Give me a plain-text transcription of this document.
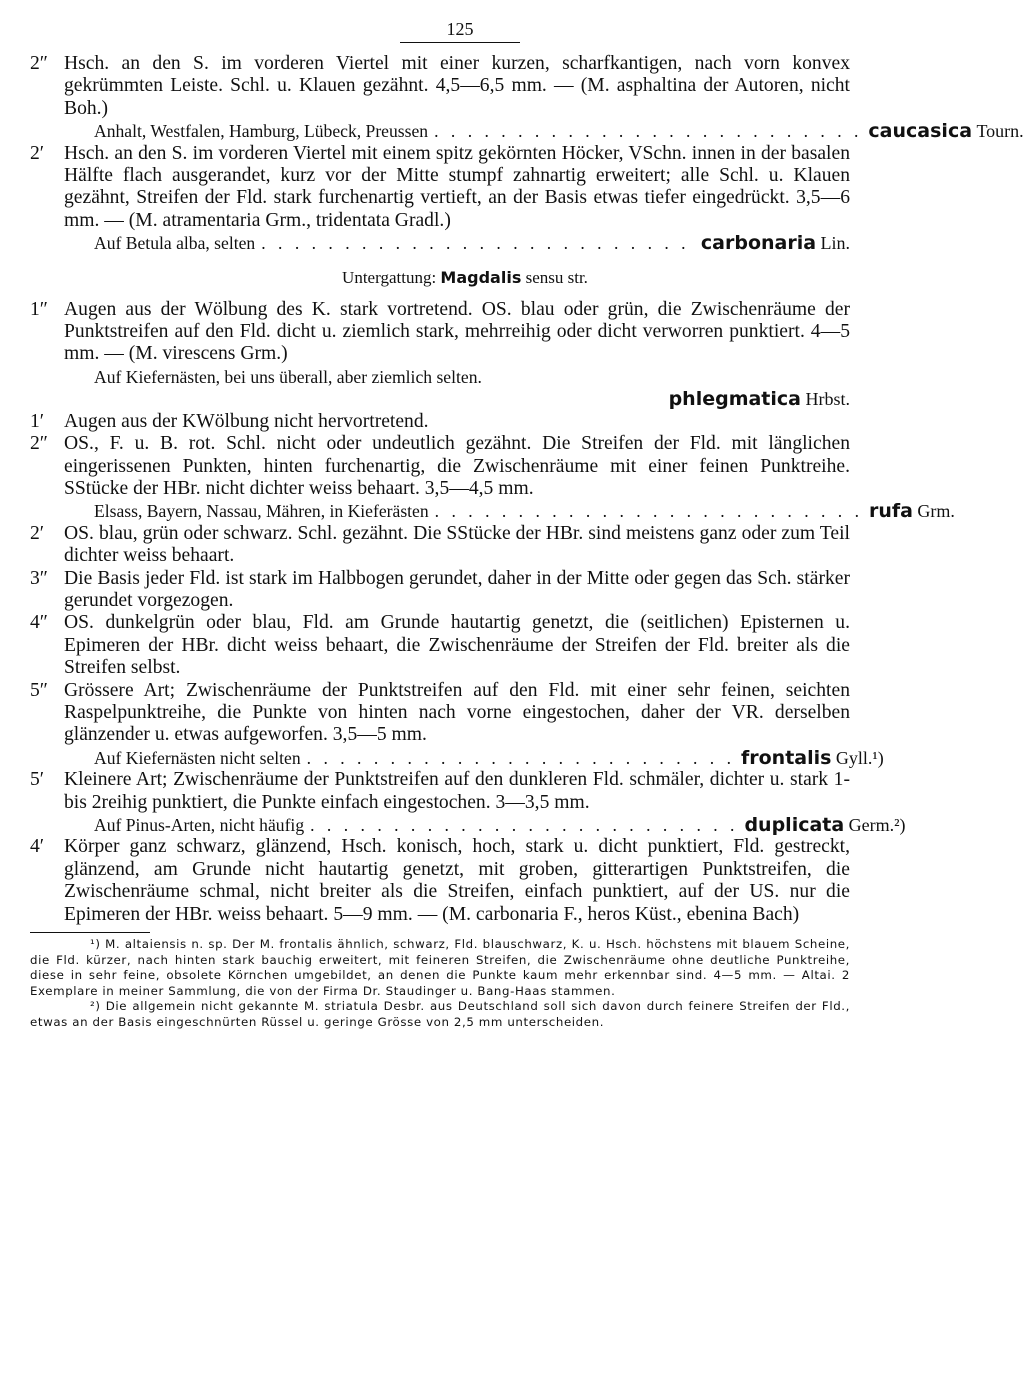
125
2″ Hsch. an den S. im vorderen Viertel mit einer kurzen, scharfkantigen, nach vorn konvex gekrümmten Leiste. Schl. u. Klauen gezähnt. 4,5—6,5 mm. — (M. asphaltina der Autoren, nicht Boh.)
Anhalt, Westfalen, Hamburg, Lübeck, Preussen . . . . . . . . . . . . . . . . . . . . . . . . . . caucasica Tourn.
2′	Hsch. an den S. im vorderen Viertel mit einem spitz gekörnten Höcker, VSchn. innen in der basalen Hälfte flach ausgerandet, kurz vor der Mitte stumpf zahnartig erweitert; alle Schl. u. Klauen gezähnt, Streifen der Fld. stark furchenartig vertieft, an der Basis etwas tiefer eingedrückt. 3,5—6 mm. — (M. atramentaria Grm., tridentata Gradl.)
Auf Betula alba, selten . . . . . . . . . . . . . . . . . . . . . . . . . . carbonaria Lin.
Untergattung: Magdalis sensu str.
1″ Augen aus der Wölbung des K. stark vortretend. OS. blau oder grün, die Zwischenräume der Punktstreifen auf den Fld. dicht u. ziemlich stark, mehrreihig oder dicht verworren punktiert. 4—5 mm. — (M. virescens Grm.)
Auf Kiefernästen, bei uns überall, aber ziemlich selten.
phlegmatica Hrbst.
1′	Augen aus der KWölbung nicht hervortretend.
2″ OS., F. u. B. rot. Schl. nicht oder undeutlich gezähnt. Die Streifen der Fld. mit länglichen eingerissenen Punkten, hinten furchenartig, die Zwischenräume mit einer feinen Punktreihe. SStücke der HBr. nicht dichter weiss behaart. 3,5—4,5 mm.
Elsass, Bayern, Nassau, Mähren, in Kieferästen . . . . . . . . . . . . . . . . . . . . . . . . . . rufa Grm.
2′	OS. blau, grün oder schwarz. Schl. gezähnt. Die SStücke der HBr. sind meistens ganz oder zum Teil dichter weiss behaart.
3″ Die Basis jeder Fld. ist stark im Halbbogen gerundet, daher in der Mitte oder gegen das Sch. stärker gerundet vorgezogen.
4″ OS. dunkelgrün oder blau, Fld. am Grunde hautartig genetzt, die (seitlichen) Episternen u. Epimeren der HBr. dicht weiss behaart, die Zwischenräume der Streifen der Fld. breiter als die Streifen selbst.
5″ Grössere Art; Zwischenräume der Punktstreifen auf den Fld. mit einer sehr feinen, seichten Raspelpunktreihe, die Punkte von hinten nach vorne eingestochen, daher der VR. derselben glänzender u. etwas aufgeworfen. 3,5—5 mm.
Auf Kiefernästen nicht selten . . . . . . . . . . . . . . . . . . . . . . . . . . frontalis Gyll.¹)
5′	Kleinere Art; Zwischenräume der Punktstreifen auf den dunkleren Fld. schmäler, dichter u. stark 1- bis 2reihig punktiert, die Punkte einfach eingestochen. 3—3,5 mm.
Auf Pinus-Arten, nicht häufig . . . . . . . . . . . . . . . . . . . . . . . . . . duplicata Germ.²)
4′	Körper ganz schwarz, glänzend, Hsch. konisch, hoch, stark u. dicht punktiert, Fld. gestreckt, glänzend, am Grunde nicht hautartig genetzt, mit groben, gitterartigen Punktstreifen, die Zwischenräume schmal, nicht breiter als die Streifen, einfach punktiert, auf der US. nur die Epimeren der HBr. weiss behaart. 5—9 mm. — (M. carbonaria F., heros Küst., ebenina Bach)

¹) M. altaiensis n. sp. Der M. frontalis ähnlich, schwarz, Fld. blauschwarz, K. u. Hsch. höchstens mit blauem Scheine, die Fld. kürzer, nach hinten stark bauchig erweitert, mit feineren Streifen, die Zwischenräume ohne deutliche Punktreihe, diese in sehr feine, obsolete Körnchen umgebildet, an denen die Punkte kaum mehr erkennbar sind. 4—5 mm. — Altai. 2 Exemplare in meiner Sammlung, die von der Firma Dr. Staudinger u. Bang-Haas stammen.

²) Die allgemein nicht gekannte M. striatula Desbr. aus Deutschland soll sich davon durch feinere Streifen der Fld., etwas an der Basis eingeschnürten Rüssel u. geringe Grösse von 2,5 mm unterscheiden.
